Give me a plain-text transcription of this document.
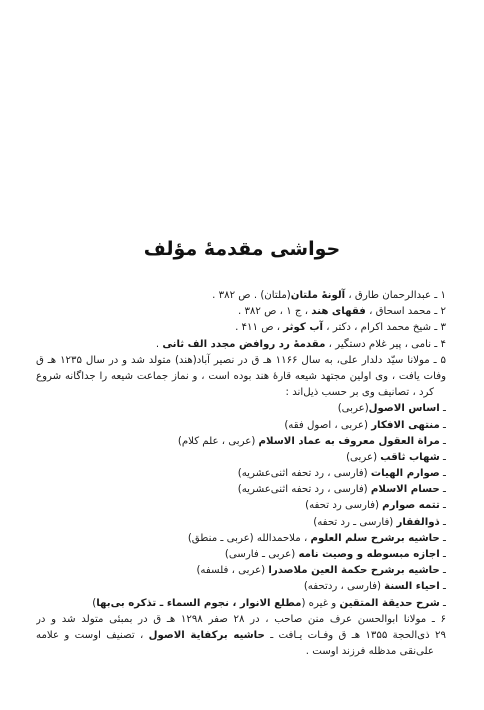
حواشی مقدمهٔ مؤلف
۱ ـ عبدالرحمان طارق ، آلونهٔ ملتان(ملتان) . ص ۳۸۲ .
۲ ـ محمد اسحاق ، فقهای هند ، ج ۱ ، ص ۳۸۲ .
۳ ـ شیخ محمد اکرام ، دکتر ، آب کوثر ، ص ۴۱۱ .
۴ ـ نامی ، پیر غلام دستگیر ، مقدمهٔ رد روافض مجدد الف ثانی .
۵ ـ مولانا سیّد دلدار علی، به سال ۱۱۶۶ هـ ق در نصیر آباد(هند) متولد شد و در سال ۱۲۳۵ هـ ق
وفات یافت ، وی اولین مجتهد شیعه قارهٔ هند بوده است ، و نماز جماعت شیعه را جداگانه شروع
کرد ، تصانیف وی بر حسب ذیل‌اند :
ـ اساس الاصول(عربی)
ـ منتهی الافکار (عربی ، اصول فقه)
ـ مراة العقول معروف به عماد الاسلام (عربی ، علم کلام)
ـ شهاب ثاقب (عربی)
ـ صوارم الهیات (فارسی ، رد تحفه اثنی‌عشریه)
ـ حسام الاسلام (فارسی ، رد تحفه اثنی‌عشریه)
ـ تتمه صوارم (فارسی رد تحفه)
ـ ذوالفقار (فارسی ـ رد تحفه)
ـ حاشیه برشرح سلم العلوم ، ملاحمدالله (عربی ـ منطق)
ـ اجازه مبسوطه و وصیت نامه (عربی ـ فارسی)
ـ حاشیه برشرح حکمة العین ملاصدرا (عربی ، فلسفه)
ـ احیاء السنة (فارسی ، ردتحفه)
ـ شرح حدیقة المتقین و غیره (مطلع الانوار ، نجوم السماء ـ تذکره بی‌بها)
۶ ـ مولانا ابوالحسن عرف منن صاحب ، در ۲۸ صفر ۱۲۹۸ هـ ق در بمبئی متولد شد و در
۲۹ ذی‌الحجة ۱۳۵۵ هـ ق وفـات یـافت ـ حاشیه برکفایة الاصول ، تصنیف اوست و علامه
علی‌نقی مدظله فرزند اوست .
